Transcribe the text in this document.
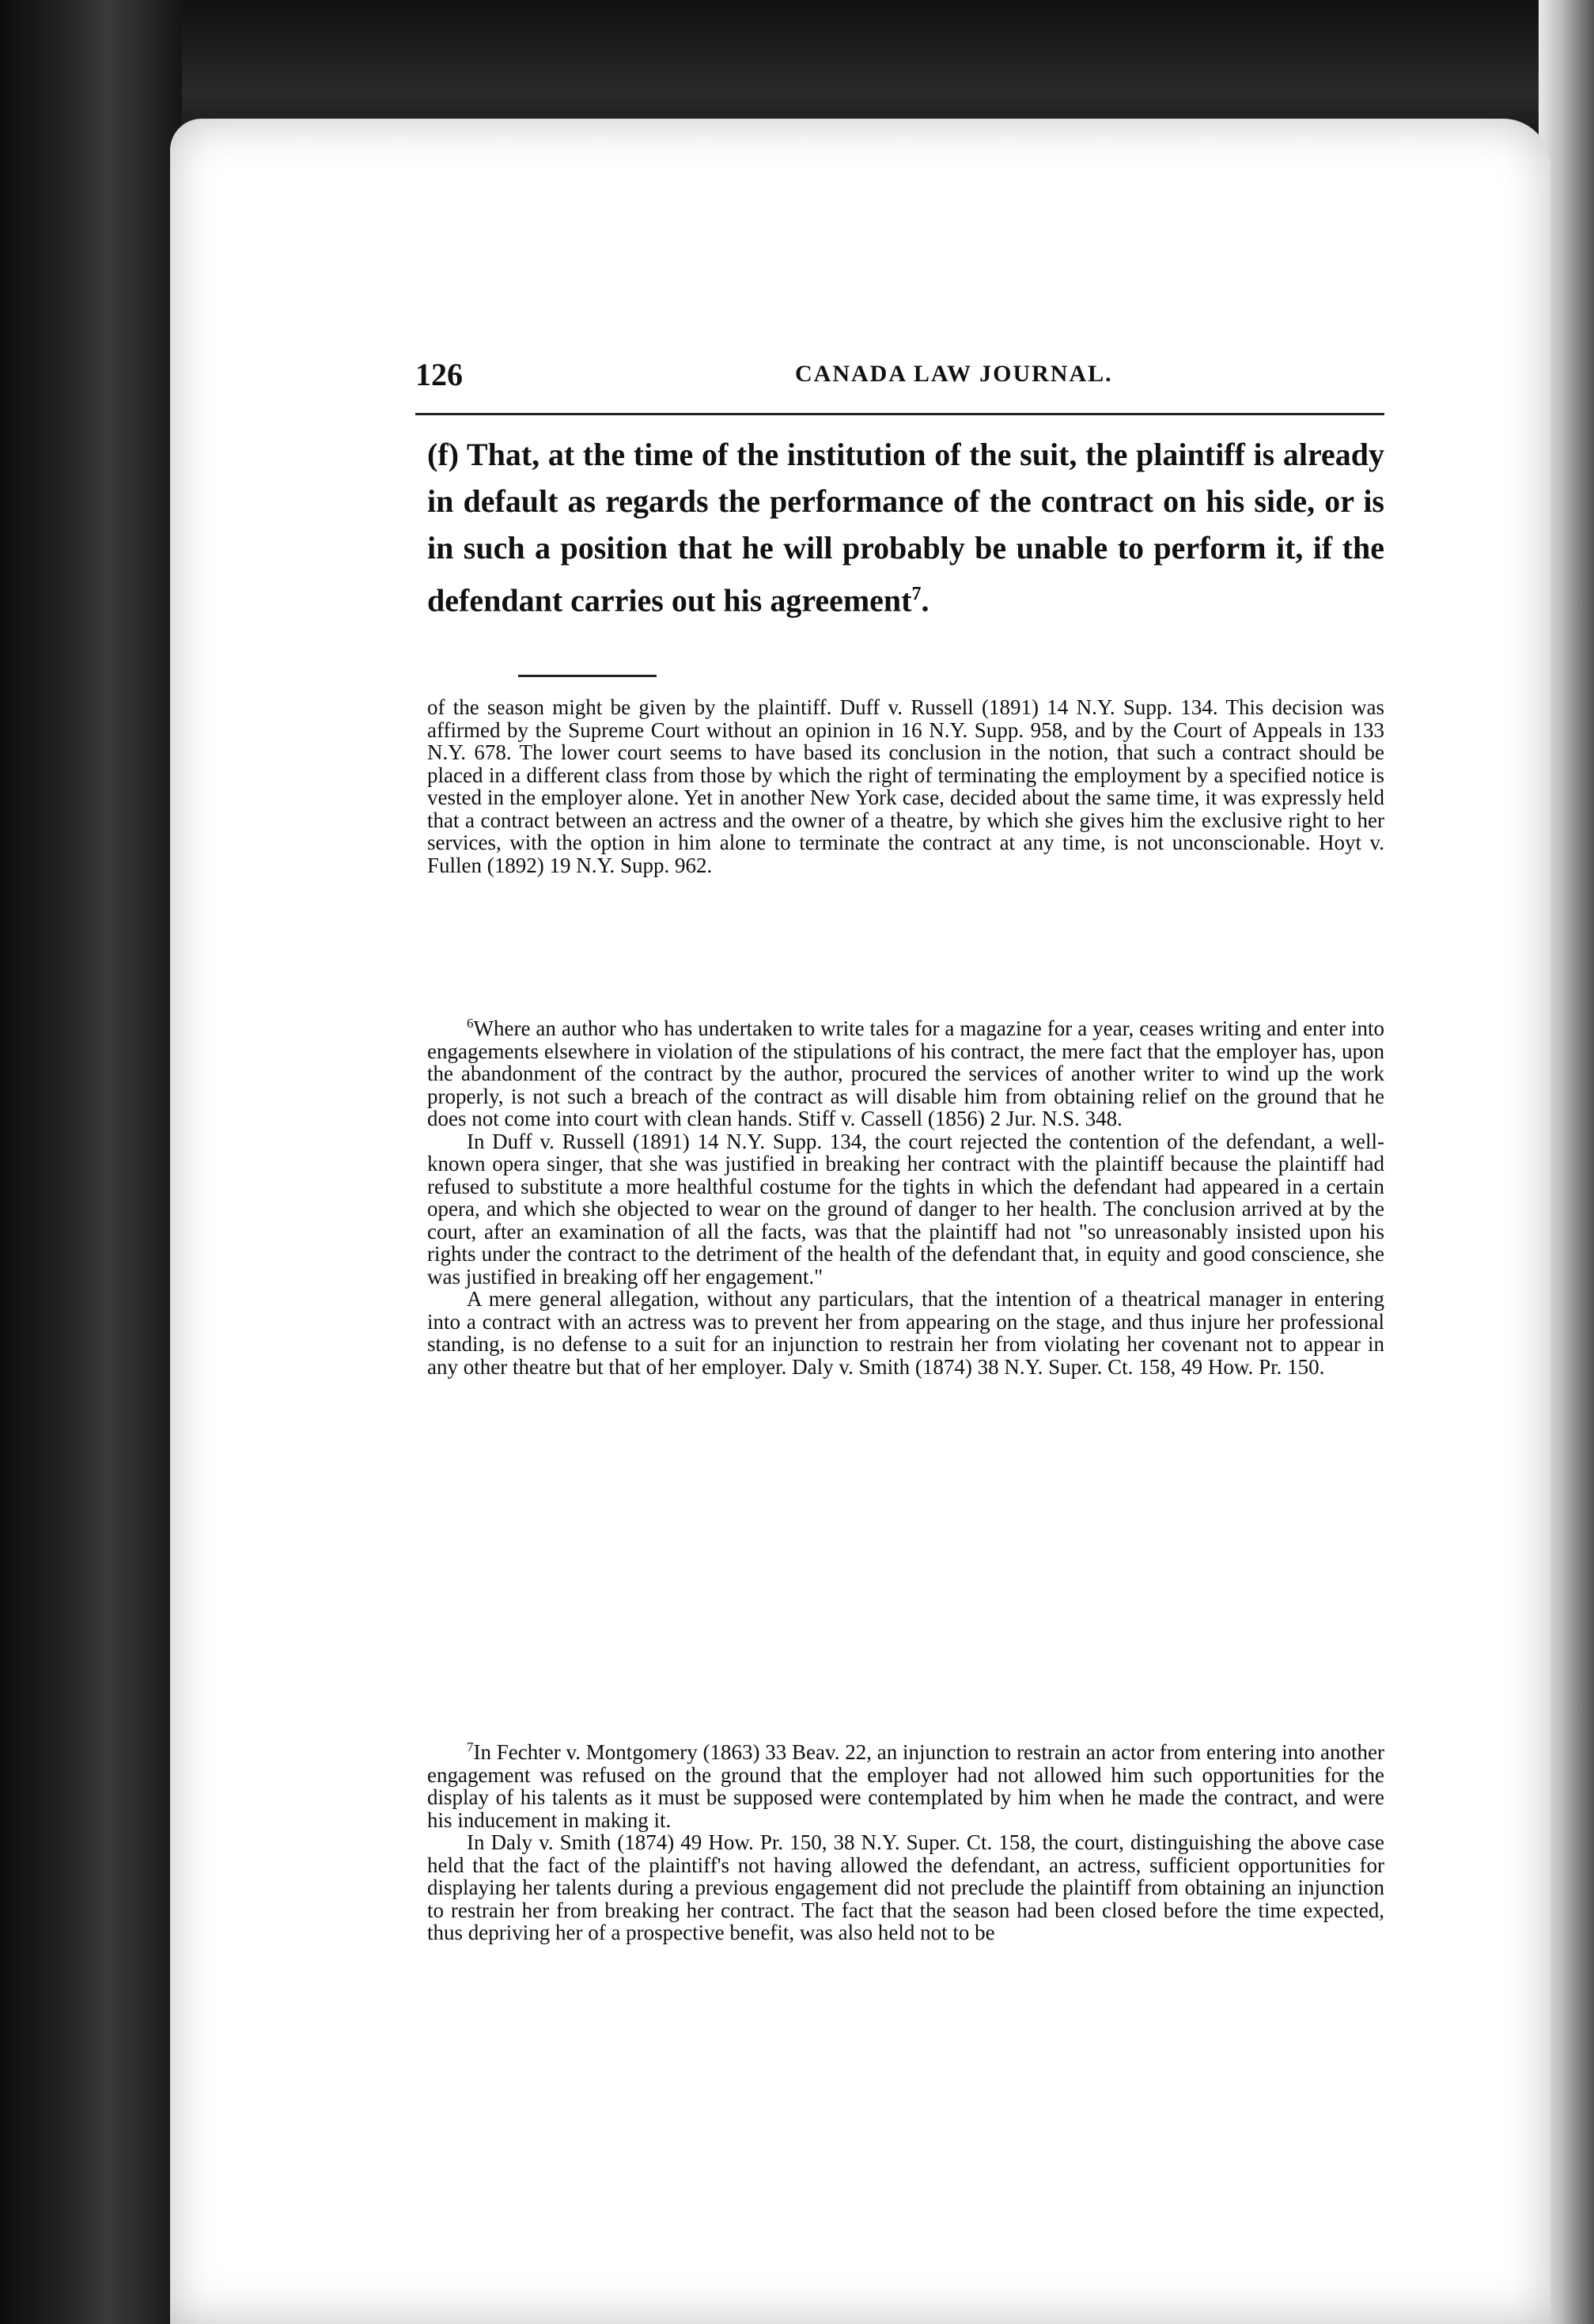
126	CANADA LAW JOURNAL.
(f) That, at the time of the institution of the suit, the plaintiff is already in default as regards the performance of the contract on his side, or is in such a position that he will probably be unable to perform it, if the defendant carries out his agreement$^7$.

of the season might be given by the plaintiff. Duff v. Russell (1891) 14 N.Y. Supp. 134. This decision was affirmed by the Supreme Court without an opinion in 16 N.Y. Supp. 958, and by the Court of Appeals in 133 N.Y. 678. The lower court seems to have based its conclusion in the notion, that such a contract should be placed in a different class from those by which the right of terminating the employment by a specified notice is vested in the employer alone. Yet in another New York case, decided about the same time, it was expressly held that a contract between an actress and the owner of a theatre, by which she gives him the exclusive right to her services, with the option in him alone to terminate the contract at any time, is not unconscionable. Hoyt v. Fullen (1892) 19 N.Y. Supp. 962.

$^6$Where an author who has undertaken to write tales for a magazine for a year, ceases writing and enter into engagements elsewhere in violation of the stipulations of his contract, the mere fact that the employer has, upon the abandonment of the contract by the author, procured the services of another writer to wind up the work properly, is not such a breach of the contract as will disable him from obtaining relief on the ground that he does not come into court with clean hands. Stiff v. Cassell (1856) 2 Jur. N.S. 348.

In Duff v. Russell (1891) 14 N.Y. Supp. 134, the court rejected the contention of the defendant, a well-known opera singer, that she was justified in breaking her contract with the plaintiff because the plaintiff had refused to substitute a more healthful costume for the tights in which the defendant had appeared in a certain opera, and which she objected to wear on the ground of danger to her health. The conclusion arrived at by the court, after an examination of all the facts, was that the plaintiff had not "so unreasonably insisted upon his rights under the contract to the detriment of the health of the defendant that, in equity and good conscience, she was justified in breaking off her engagement."

A mere general allegation, without any particulars, that the intention of a theatrical manager in entering into a contract with an actress was to prevent her from appearing on the stage, and thus injure her professional standing, is no defense to a suit for an injunction to restrain her from violating her covenant not to appear in any other theatre but that of her employer. Daly v. Smith (1874) 38 N.Y. Super. Ct. 158, 49 How. Pr. 150.

$^7$In Fechter v. Montgomery (1863) 33 Beav. 22, an injunction to restrain an actor from entering into another engagement was refused on the ground that the employer had not allowed him such opportunities for the display of his talents as it must be supposed were contemplated by him when he made the contract, and were his inducement in making it.

In Daly v. Smith (1874) 49 How. Pr. 150, 38 N.Y. Super. Ct. 158, the court, distinguishing the above case held that the fact of the plaintiff's not having allowed the defendant, an actress, sufficient opportunities for displaying her talents during a previous engagement did not preclude the plaintiff from obtaining an injunction to restrain her from breaking her contract. The fact that the season had been closed before the time expected, thus depriving her of a prospective benefit, was also held not to be
